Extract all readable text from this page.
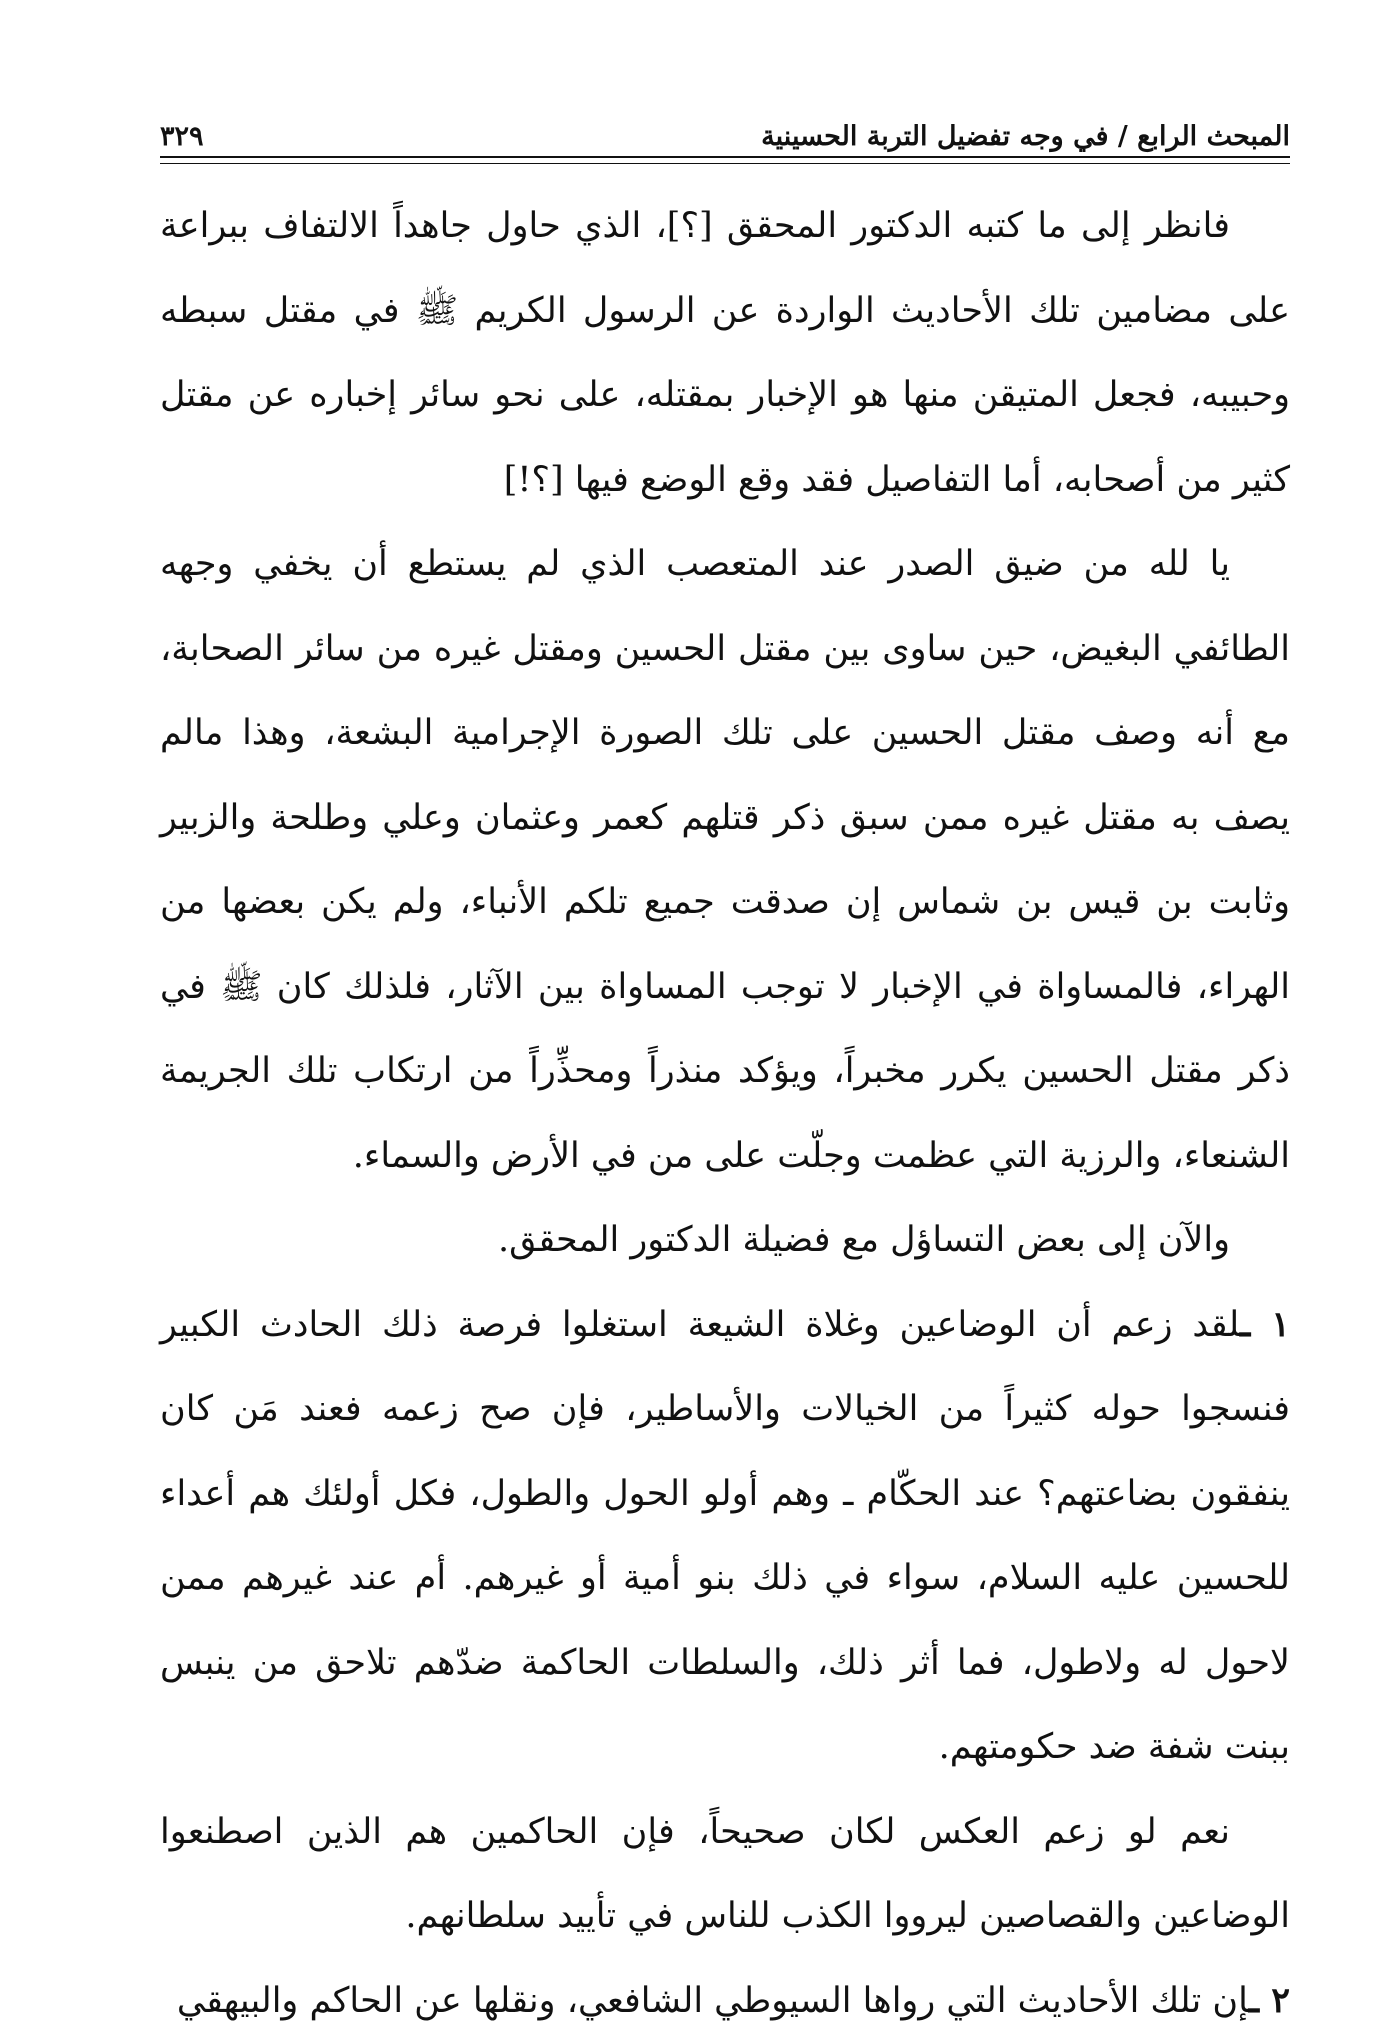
المبحث الرابع / في وجه تفضيل التربة الحسينية
٣٢٩

فانظر إلى ما كتبه الدكتور المحقق [؟]، الذي حاول جاهداً الالتفاف ببراعة على مضامين تلك الأحاديث الواردة عن الرسول الكريم ﷺ في مقتل سبطه وحبيبه، فجعل المتيقن منها هو الإخبار بمقتله، على نحو سائر إخباره عن مقتل كثير من أصحابه، أما التفاصيل فقد وقع الوضع فيها [؟!]

يا لله من ضيق الصدر عند المتعصب الذي لم يستطع أن يخفي وجهه الطائفي البغيض، حين ساوى بين مقتل الحسين ومقتل غيره من سائر الصحابة، مع أنه وصف مقتل الحسين على تلك الصورة الإجرامية البشعة، وهذا مالم يصف به مقتل غيره ممن سبق ذكر قتلهم كعمر وعثمان وعلي وطلحة والزبير وثابت بن قيس بن شماس إن صدقت جميع تلكم الأنباء، ولم يكن بعضها من الهراء، فالمساواة في الإخبار لا توجب المساواة بين الآثار، فلذلك كان ﷺ في ذكر مقتل الحسين يكرر مخبراً، ويؤكد منذراً ومحذِّراً من ارتكاب تلك الجريمة الشنعاء، والرزية التي عظمت وجلّت على من في الأرض والسماء.

والآن إلى بعض التساؤل مع فضيلة الدكتور المحقق.

١ ـلقد زعم أن الوضاعين وغلاة الشيعة استغلوا فرصة ذلك الحادث الكبير فنسجوا حوله كثيراً من الخيالات والأساطير، فإن صح زعمه فعند مَن كان ينفقون بضاعتهم؟ عند الحكّام ـ وهم أولو الحول والطول، فكل أولئك هم أعداء للحسين عليه السلام، سواء في ذلك بنو أمية أو غيرهم. أم عند غيرهم ممن لاحول له ولاطول، فما أثر ذلك، والسلطات الحاكمة ضدّهم تلاحق من ينبس ببنت شفة ضد حكومتهم.

نعم لو زعم العكس لكان صحيحاً، فإن الحاكمين هم الذين اصطنعوا الوضاعين والقصاصين ليرووا الكذب للناس في تأييد سلطانهم.

٢ ـإن تلك الأحاديث التي رواها السيوطي الشافعي، ونقلها عن الحاكم والبيهقي
